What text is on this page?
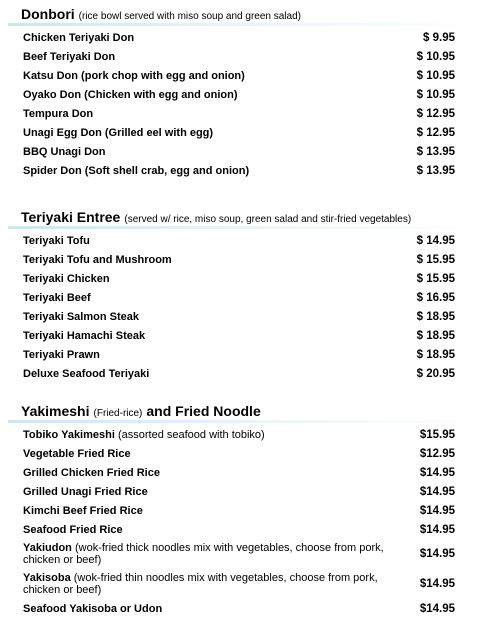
Donbori (rice bowl served with miso soup and green salad)
Chicken Teriyaki Don	$ 9.95
Beef Teriyaki Don	$ 10.95
Katsu Don (pork chop with egg and onion)	$ 10.95
Oyako Don (Chicken with egg and onion)	$ 10.95
Tempura Don	$ 12.95
Unagi Egg Don (Grilled eel with egg)	$ 12.95
BBQ Unagi Don	$ 13.95
Spider Don (Soft shell crab, egg and onion)	$ 13.95
Teriyaki Entree (served w/ rice, miso soup, green salad and stir-fried vegetables)
Teriyaki Tofu	$ 14.95
Teriyaki Tofu and Mushroom	$ 15.95
Teriyaki Chicken	$ 15.95
Teriyaki Beef	$ 16.95
Teriyaki Salmon Steak	$ 18.95
Teriyaki Hamachi Steak	$ 18.95
Teriyaki Prawn	$ 18.95
Deluxe Seafood Teriyaki	$ 20.95
Yakimeshi (Fried-rice) and Fried Noodle
Tobiko Yakimeshi (assorted seafood with tobiko)	$15.95
Vegetable Fried Rice	$12.95
Grilled Chicken Fried Rice	$14.95
Grilled Unagi Fried Rice	$14.95
Kimchi Beef Fried Rice	$14.95
Seafood Fried Rice	$14.95
Yakiudon (wok-fried thick noodles mix with vegetables, choose from pork, chicken or beef)	$14.95
Yakisoba (wok-fried thin noodles mix with vegetables, choose from pork, chicken or beef)	$14.95
Seafood Yakisoba or Udon	$14.95
